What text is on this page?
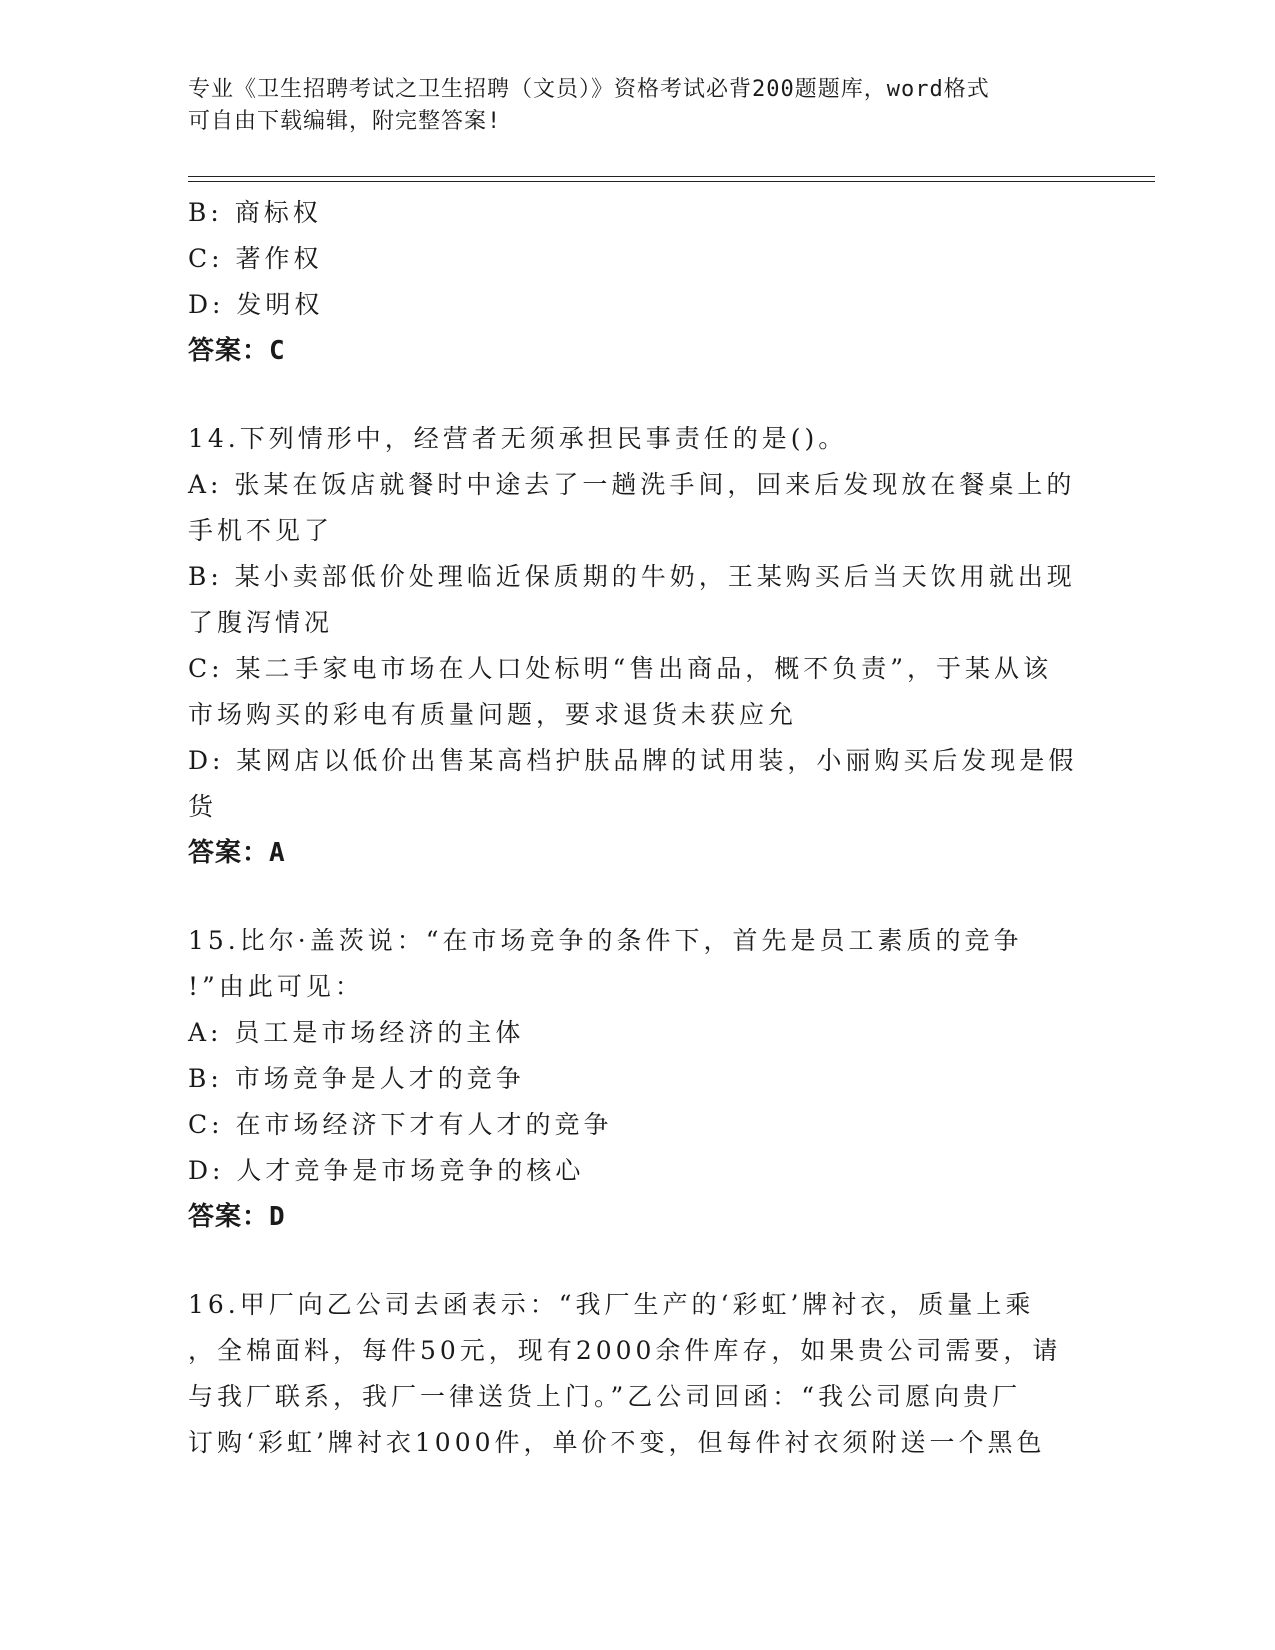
专业《卫生招聘考试之卫生招聘（文员）》资格考试必背200题题库，word格式
可自由下载编辑，附完整答案!
B: 商标权
C: 著作权
D: 发明权
答案：C
14.下列情形中，经营者无须承担民事责任的是()。
A: 张某在饭店就餐时中途去了一趟洗手间，回来后发现放在餐桌上的
手机不见了
B: 某小卖部低价处理临近保质期的牛奶，王某购买后当天饮用就出现
了腹泻情况
C: 某二手家电市场在人口处标明“售出商品，概不负责”，于某从该
市场购买的彩电有质量问题，要求退货未获应允
D: 某网店以低价出售某高档护肤品牌的试用装，小丽购买后发现是假
货
答案：A
15.比尔·盖茨说：“在市场竞争的条件下，首先是员工素质的竞争
!”由此可见：
A: 员工是市场经济的主体
B: 市场竞争是人才的竞争
C: 在市场经济下才有人才的竞争
D: 人才竞争是市场竞争的核心
答案：D
16.甲厂向乙公司去函表示：“我厂生产的‘彩虹’牌衬衣，质量上乘
，全棉面料，每件50元，现有2000余件库存，如果贵公司需要，请
与我厂联系，我厂一律送货上门。”乙公司回函：“我公司愿向贵厂
订购‘彩虹’牌衬衣1000件，单价不变，但每件衬衣须附送一个黑色
